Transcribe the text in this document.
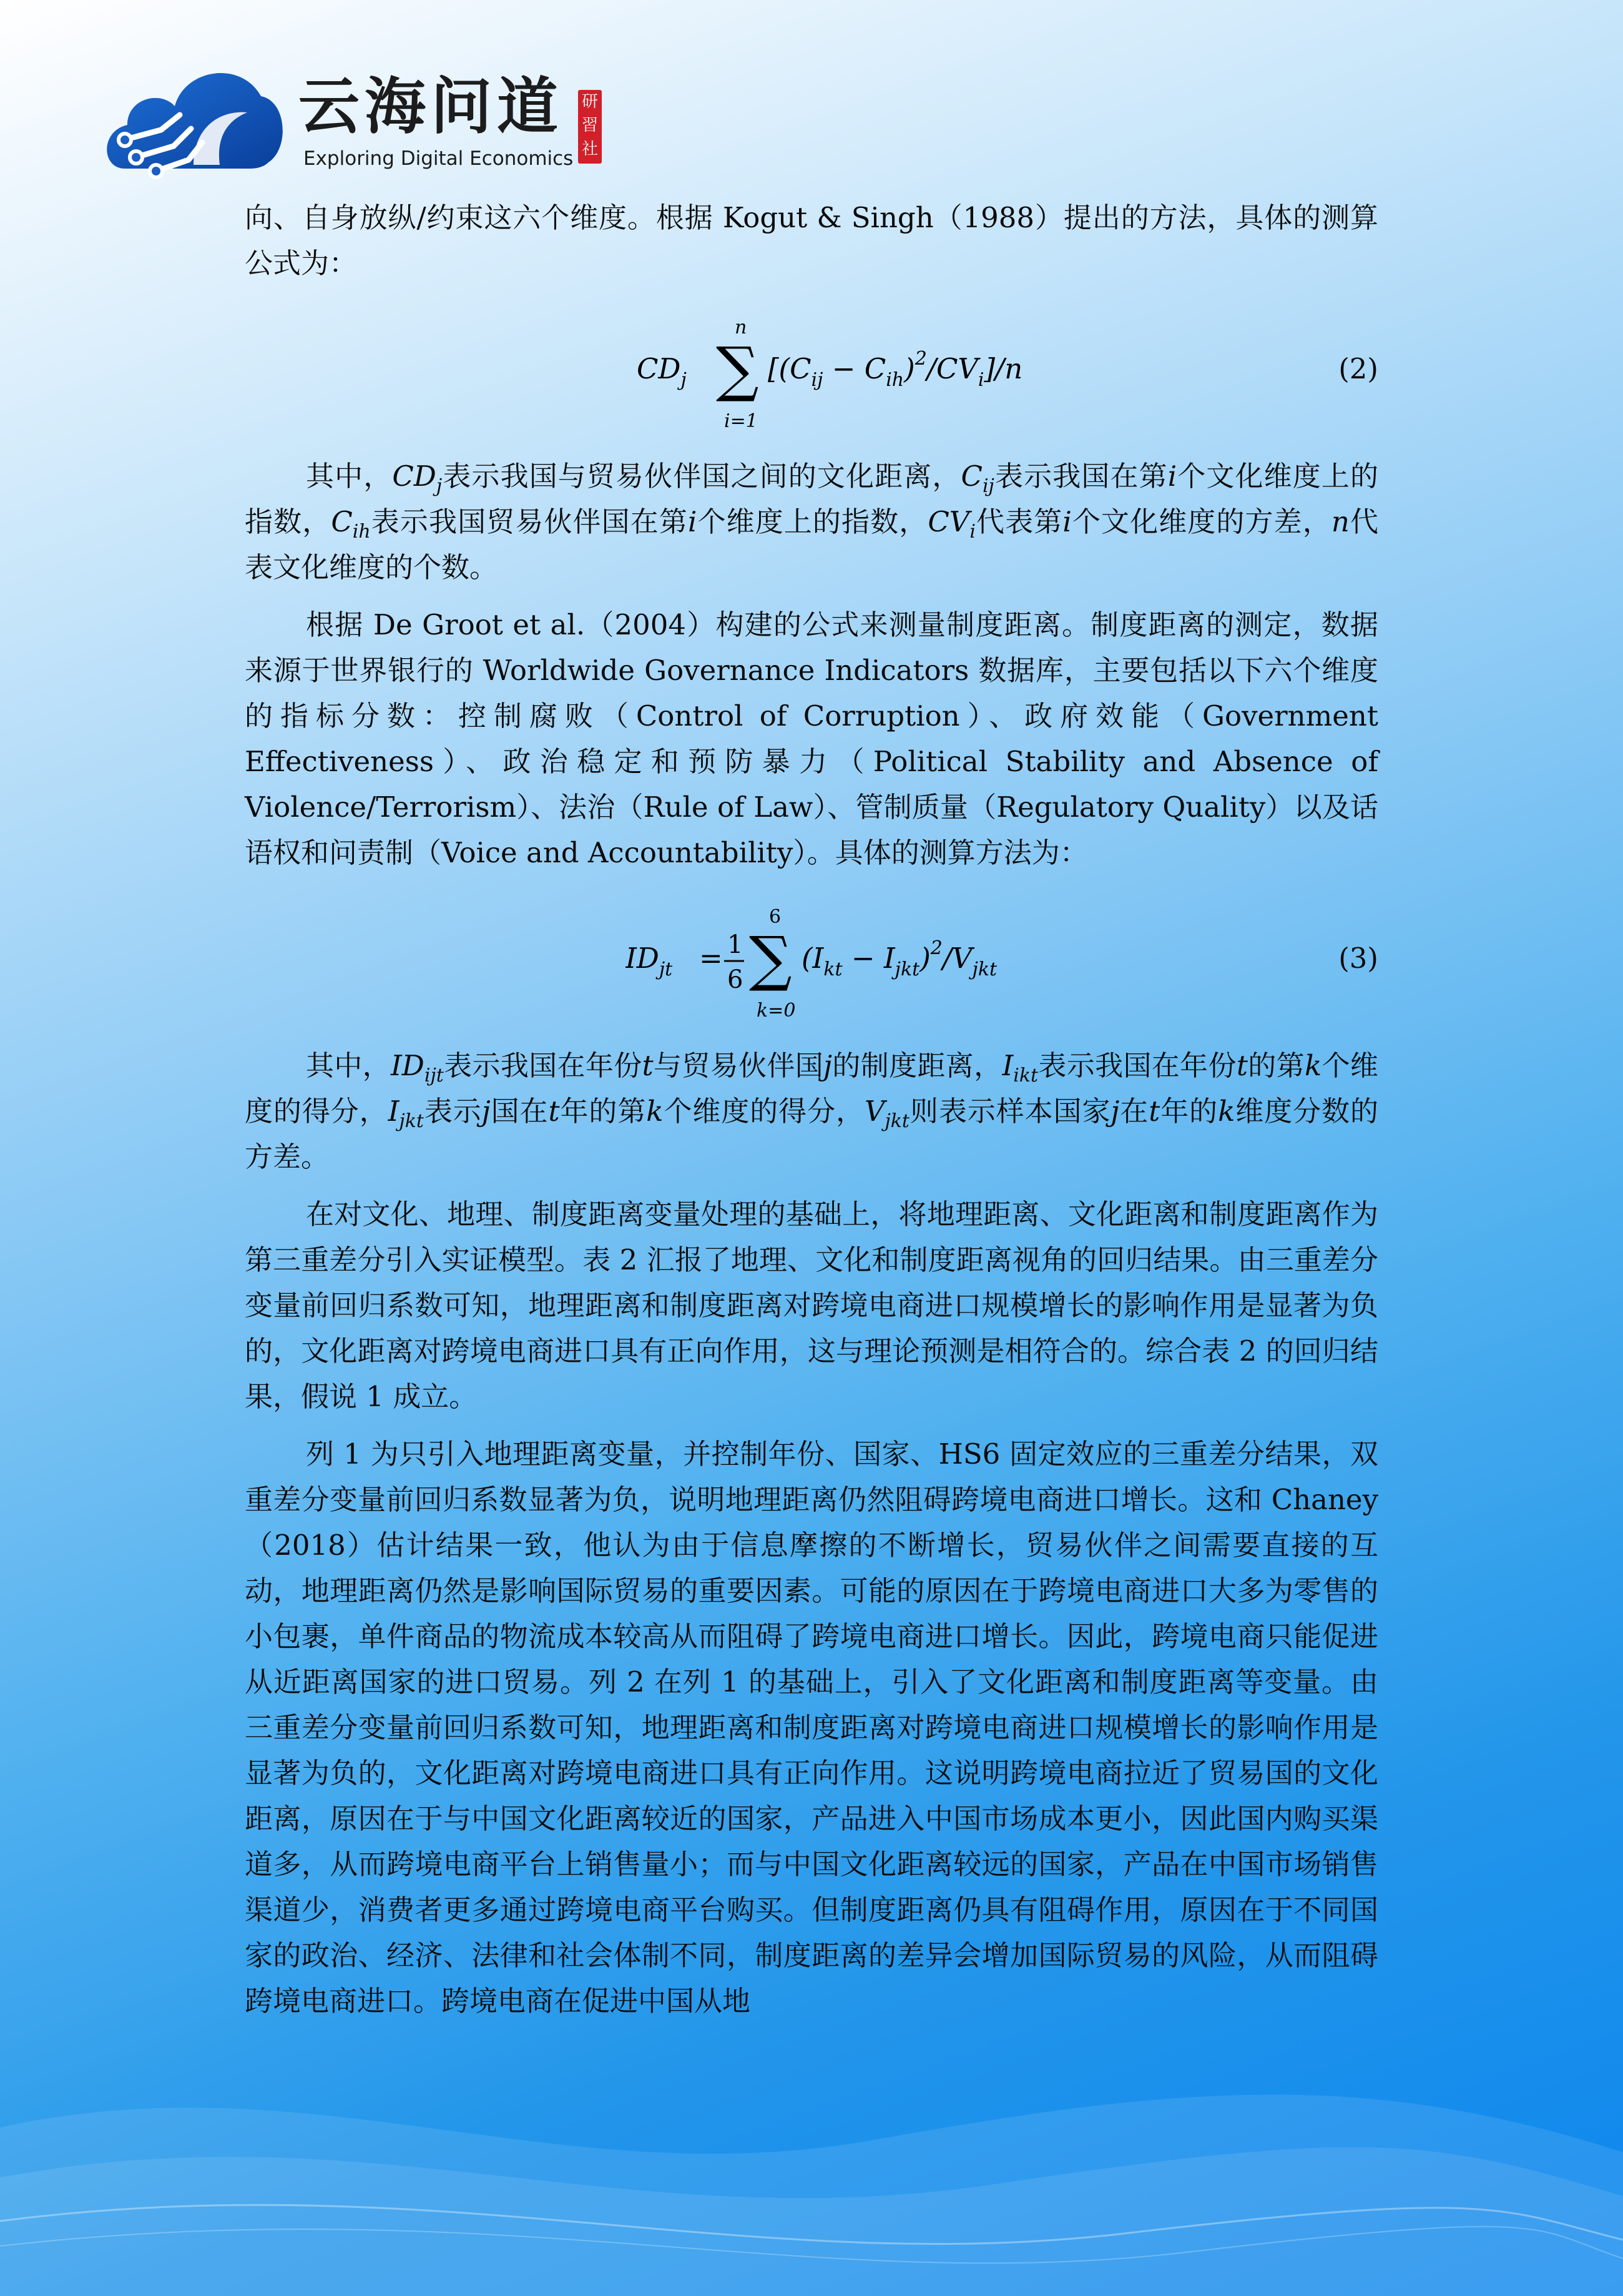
云海问道
Exploring Digital Economics
研
習
社

向、自身放纵/约束这六个维度。根据 Kogut & Singh（1988）提出的方法，具体的测算公式为：

$CD_j$ ∑
n
i=1
$[(C_{ij} - C_{ih})^2/CV_i]/n$	(2)

其中，$CD_j$表示我国与贸易伙伴国之间的文化距离，$C_{ij}$表示我国在第i个文化维度上的指数，$C_{ih}$表示我国贸易伙伴国在第i个维度上的指数，$CV_i$代表第i个文化维度的方差，n代表文化维度的个数。

根据 De Groot et al.（2004）构建的公式来测量制度距离。制度距离的测定，数据来源于世界银行的 Worldwide Governance Indicators 数据库，主要包括以下六个维度的指标分数：控制腐败（Control of Corruption）、政府效能（Government Effectiveness）、政治稳定和预防暴力（Political Stability and Absence of Violence/Terrorism）、法治（Rule of Law）、管制质量（Regulatory Quality）以及话语权和问责制（Voice and Accountability）。具体的测算方法为：

$ID_{jt} = 1$
6 ∑
6
k=0
$(I_{kt} - I_{jkt})^2/V_{jkt}$	(3)

其中，$ID_{ijt}$表示我国在年份t与贸易伙伴国j的制度距离，$I_{ikt}$表示我国在年份t的第k个维度的得分，$I_{jkt}$表示j国在t年的第k个维度的得分，$V_{jkt}$则表示样本国家j在t年的k维度分数的方差。

在对文化、地理、制度距离变量处理的基础上，将地理距离、文化距离和制度距离作为第三重差分引入实证模型。表 2 汇报了地理、文化和制度距离视角的回归结果。由三重差分变量前回归系数可知，地理距离和制度距离对跨境电商进口规模增长的影响作用是显著为负的，文化距离对跨境电商进口具有正向作用，这与理论预测是相符合的。综合表 2 的回归结果，假说 1 成立。

列 1 为只引入地理距离变量，并控制年份、国家、HS6 固定效应的三重差分结果，双重差分变量前回归系数显著为负，说明地理距离仍然阻碍跨境电商进口增长。这和 Chaney（2018）估计结果一致，他认为由于信息摩擦的不断增长，贸易伙伴之间需要直接的互动，地理距离仍然是影响国际贸易的重要因素。可能的原因在于跨境电商进口大多为零售的小包裹，单件商品的物流成本较高从而阻碍了跨境电商进口增长。因此，跨境电商只能促进从近距离国家的进口贸易。列 2 在列 1 的基础上，引入了文化距离和制度距离等变量。由三重差分变量前回归系数可知，地理距离和制度距离对跨境电商进口规模增长的影响作用是显著为负的，文化距离对跨境电商进口具有正向作用。这说明跨境电商拉近了贸易国的文化距离，原因在于与中国文化距离较近的国家，产品进入中国市场成本更小，因此国内购买渠道多，从而跨境电商平台上销售量小；而与中国文化距离较远的国家，产品在中国市场销售渠道少，消费者更多通过跨境电商平台购买。但制度距离仍具有阻碍作用，原因在于不同国家的政治、经济、法律和社会体制不同，制度距离的差异会增加国际贸易的风险，从而阻碍跨境电商进口。跨境电商在促进中国从地
